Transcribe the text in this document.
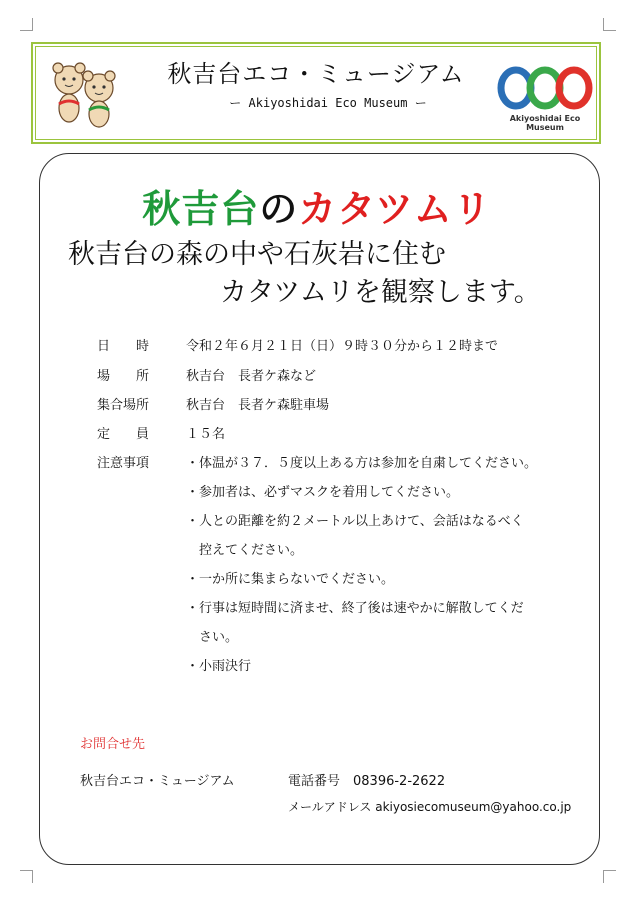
秋吉台エコ・ミュージアム
ー Akiyoshidai Eco Museum ー
Akiyoshidai Eco Museum
秋吉台のカタツムリ
秋吉台の森の中や石灰岩に住む
カタツムリを観察します。
日　　時	令和２年６月２１日（日）９時３０分から１２時まで
場　　所	秋吉台　長者ケ森など
集合場所	秋吉台　長者ケ森駐車場
定　　員	１５名
注意事項	・体温が３７．５度以上ある方は参加を自粛してください。
・参加者は、必ずマスクを着用してください。
・人との距離を約２メートル以上あけて、会話はなるべく
　控えてください。
・一か所に集まらないでください。
・行事は短時間に済ませ、終了後は速やかに解散してくだ
　さい。
・小雨決行
お問合せ先
秋吉台エコ・ミュージアム	電話番号　08396-2-2622
メールアドレス akiyosiecomuseum@yahoo.co.jp
